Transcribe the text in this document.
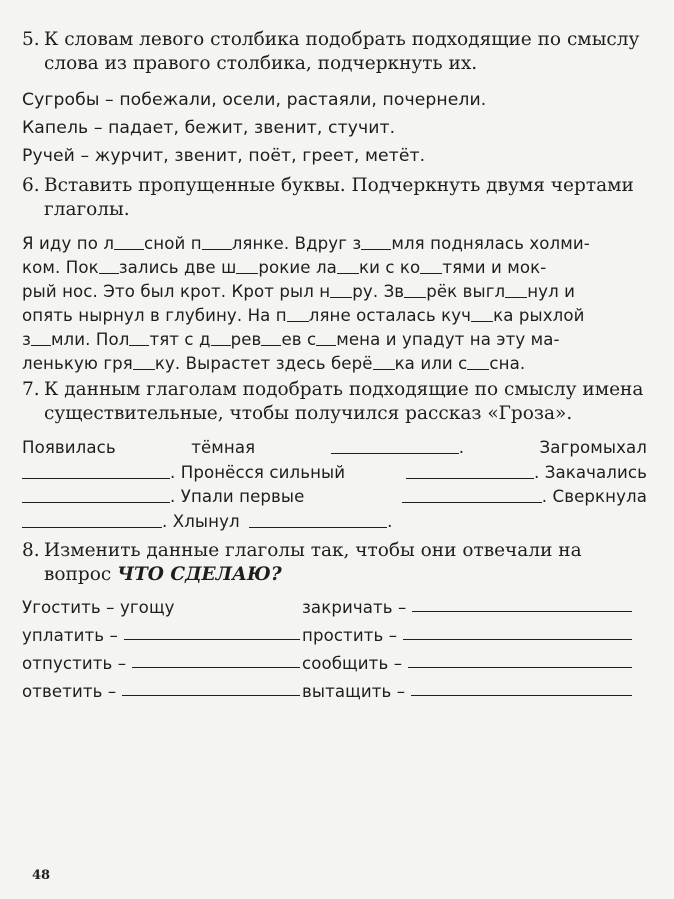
5. К словам левого столбика подобрать подходящие по смыслу слова из правого столбика, подчеркнуть их.

Сугробы – побежали, осели, растаяли, почернели.

Капель – падает, бежит, звенит, стучит.

Ручей – журчит, звенит, поёт, греет, метёт.

6. Вставить пропущенные буквы. Подчеркнуть двумя чертами глаголы.

Я иду по л сной п лянке. Вдруг з мля поднялась холми-

ком. Пок зались две ш рокие ла ки с ко тями и мок-

рый нос. Это был крот. Крот рыл н ру. Зв рёк выгл нул и

опять нырнул в глубину. На п ляне осталась куч ка рыхлой

з мли. Пол тят с д рев ев с мена и упадут на эту ма-

ленькую гря ку. Вырастет здесь берё ка или с сна.

7. К данным глаголам подобрать подходящие по смыслу имена существительные, чтобы получился рассказ «Гроза».
Появилась	тёмная	.	Загромыхал
. Пронёсся сильный	. Закачались
. Упали первые	. Сверкнула
. Хлынул	.
8. Изменить данные глаголы так, чтобы они отвечали на вопрос ЧТО СДЕЛАЮ?
Угостить – угощу	закричать –
уплатить –	простить –
отпустить –	сообщить –
ответить –	вытащить –
48
